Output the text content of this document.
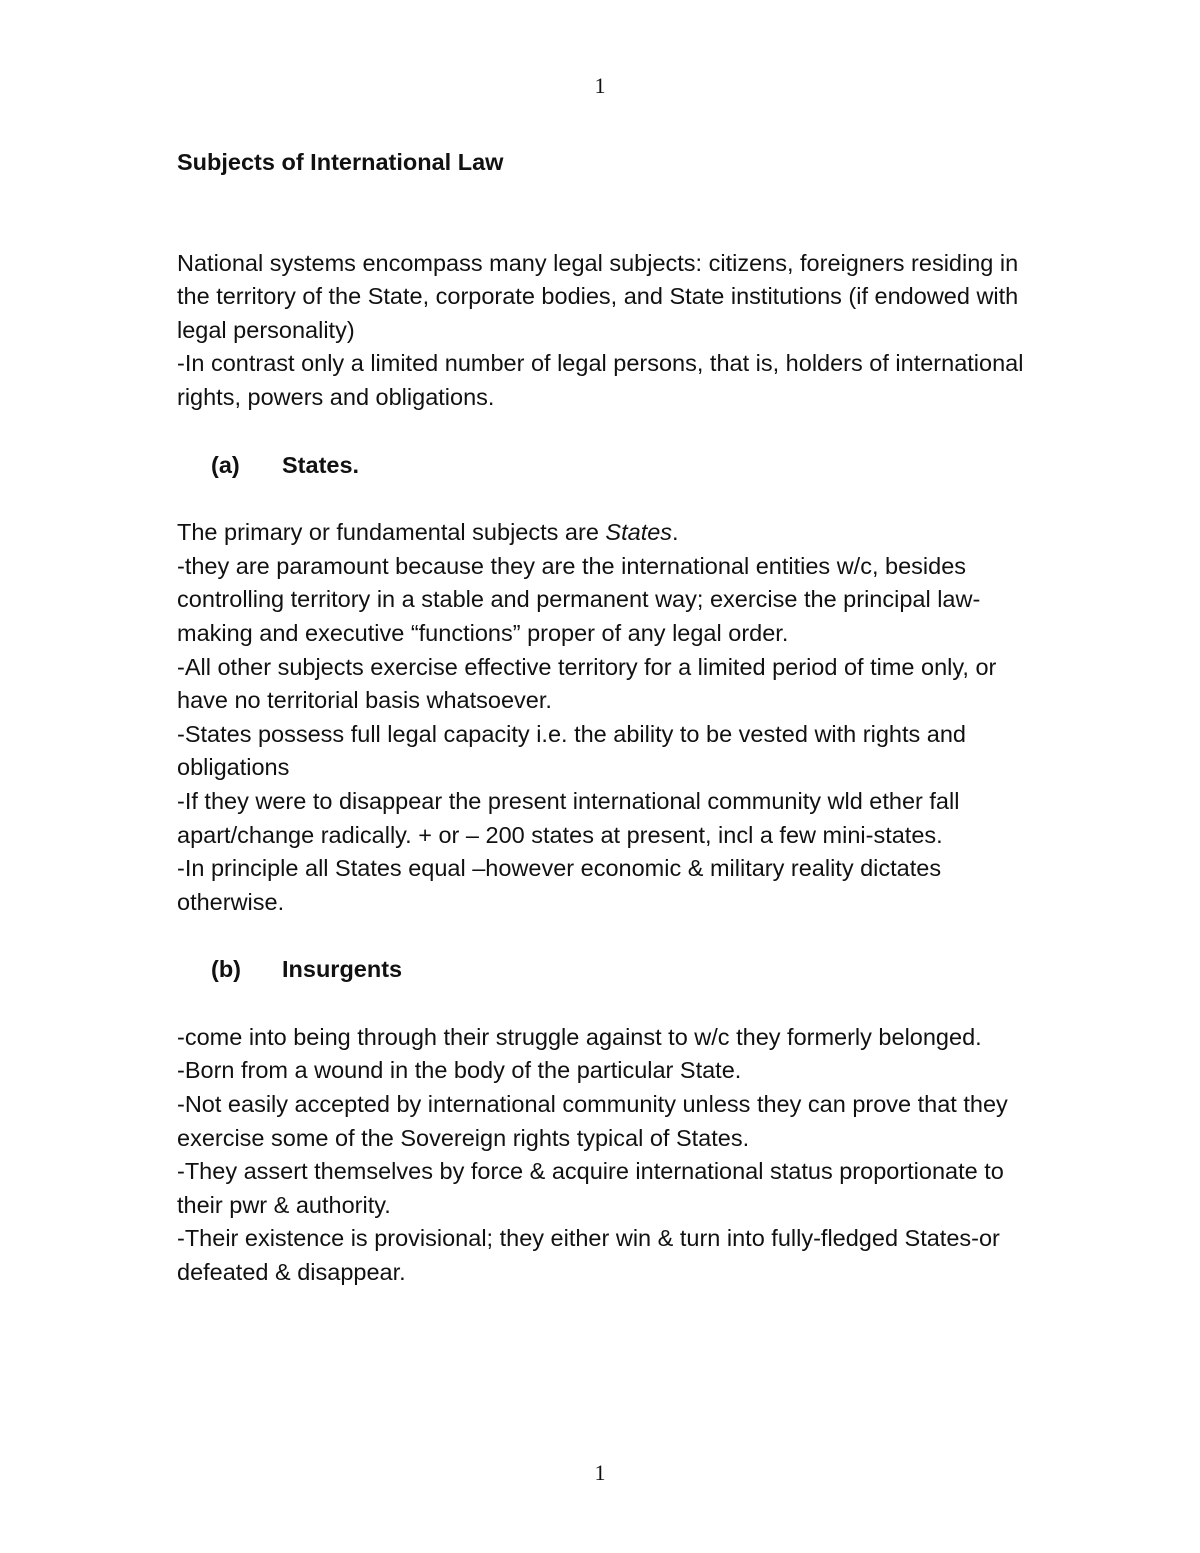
1

Subjects of International Law

National systems encompass many legal subjects: citizens, foreigners residing in the territory of the State, corporate bodies, and State institutions (if endowed with legal personality)

-In contrast only a limited number of legal persons, that is, holders of international rights, powers and obligations.

(a) States.

The primary or fundamental subjects are States.

-they are paramount because they are the international entities w/c, besides controlling territory in a stable and permanent way; exercise the principal law-making and executive “functions” proper of any legal order.

-All other subjects exercise effective territory for a limited period of time only, or have no territorial basis whatsoever.

-States possess full legal capacity i.e. the ability to be vested with rights and obligations

-If they were to disappear the present international community wld ether fall apart/change radically. + or – 200 states at present, incl a few mini-states.

-In principle all States equal –however economic & military reality dictates otherwise.

(b) Insurgents

-come into being through their struggle against to w/c they formerly belonged.

-Born from a wound in the body of the particular State.

-Not easily accepted by international community unless they can prove that they exercise some of the Sovereign rights typical of States.

-They assert themselves by force & acquire international status proportionate to their pwr & authority.

-Their existence is provisional; they either win & turn into fully-fledged States-or defeated & disappear.

1
